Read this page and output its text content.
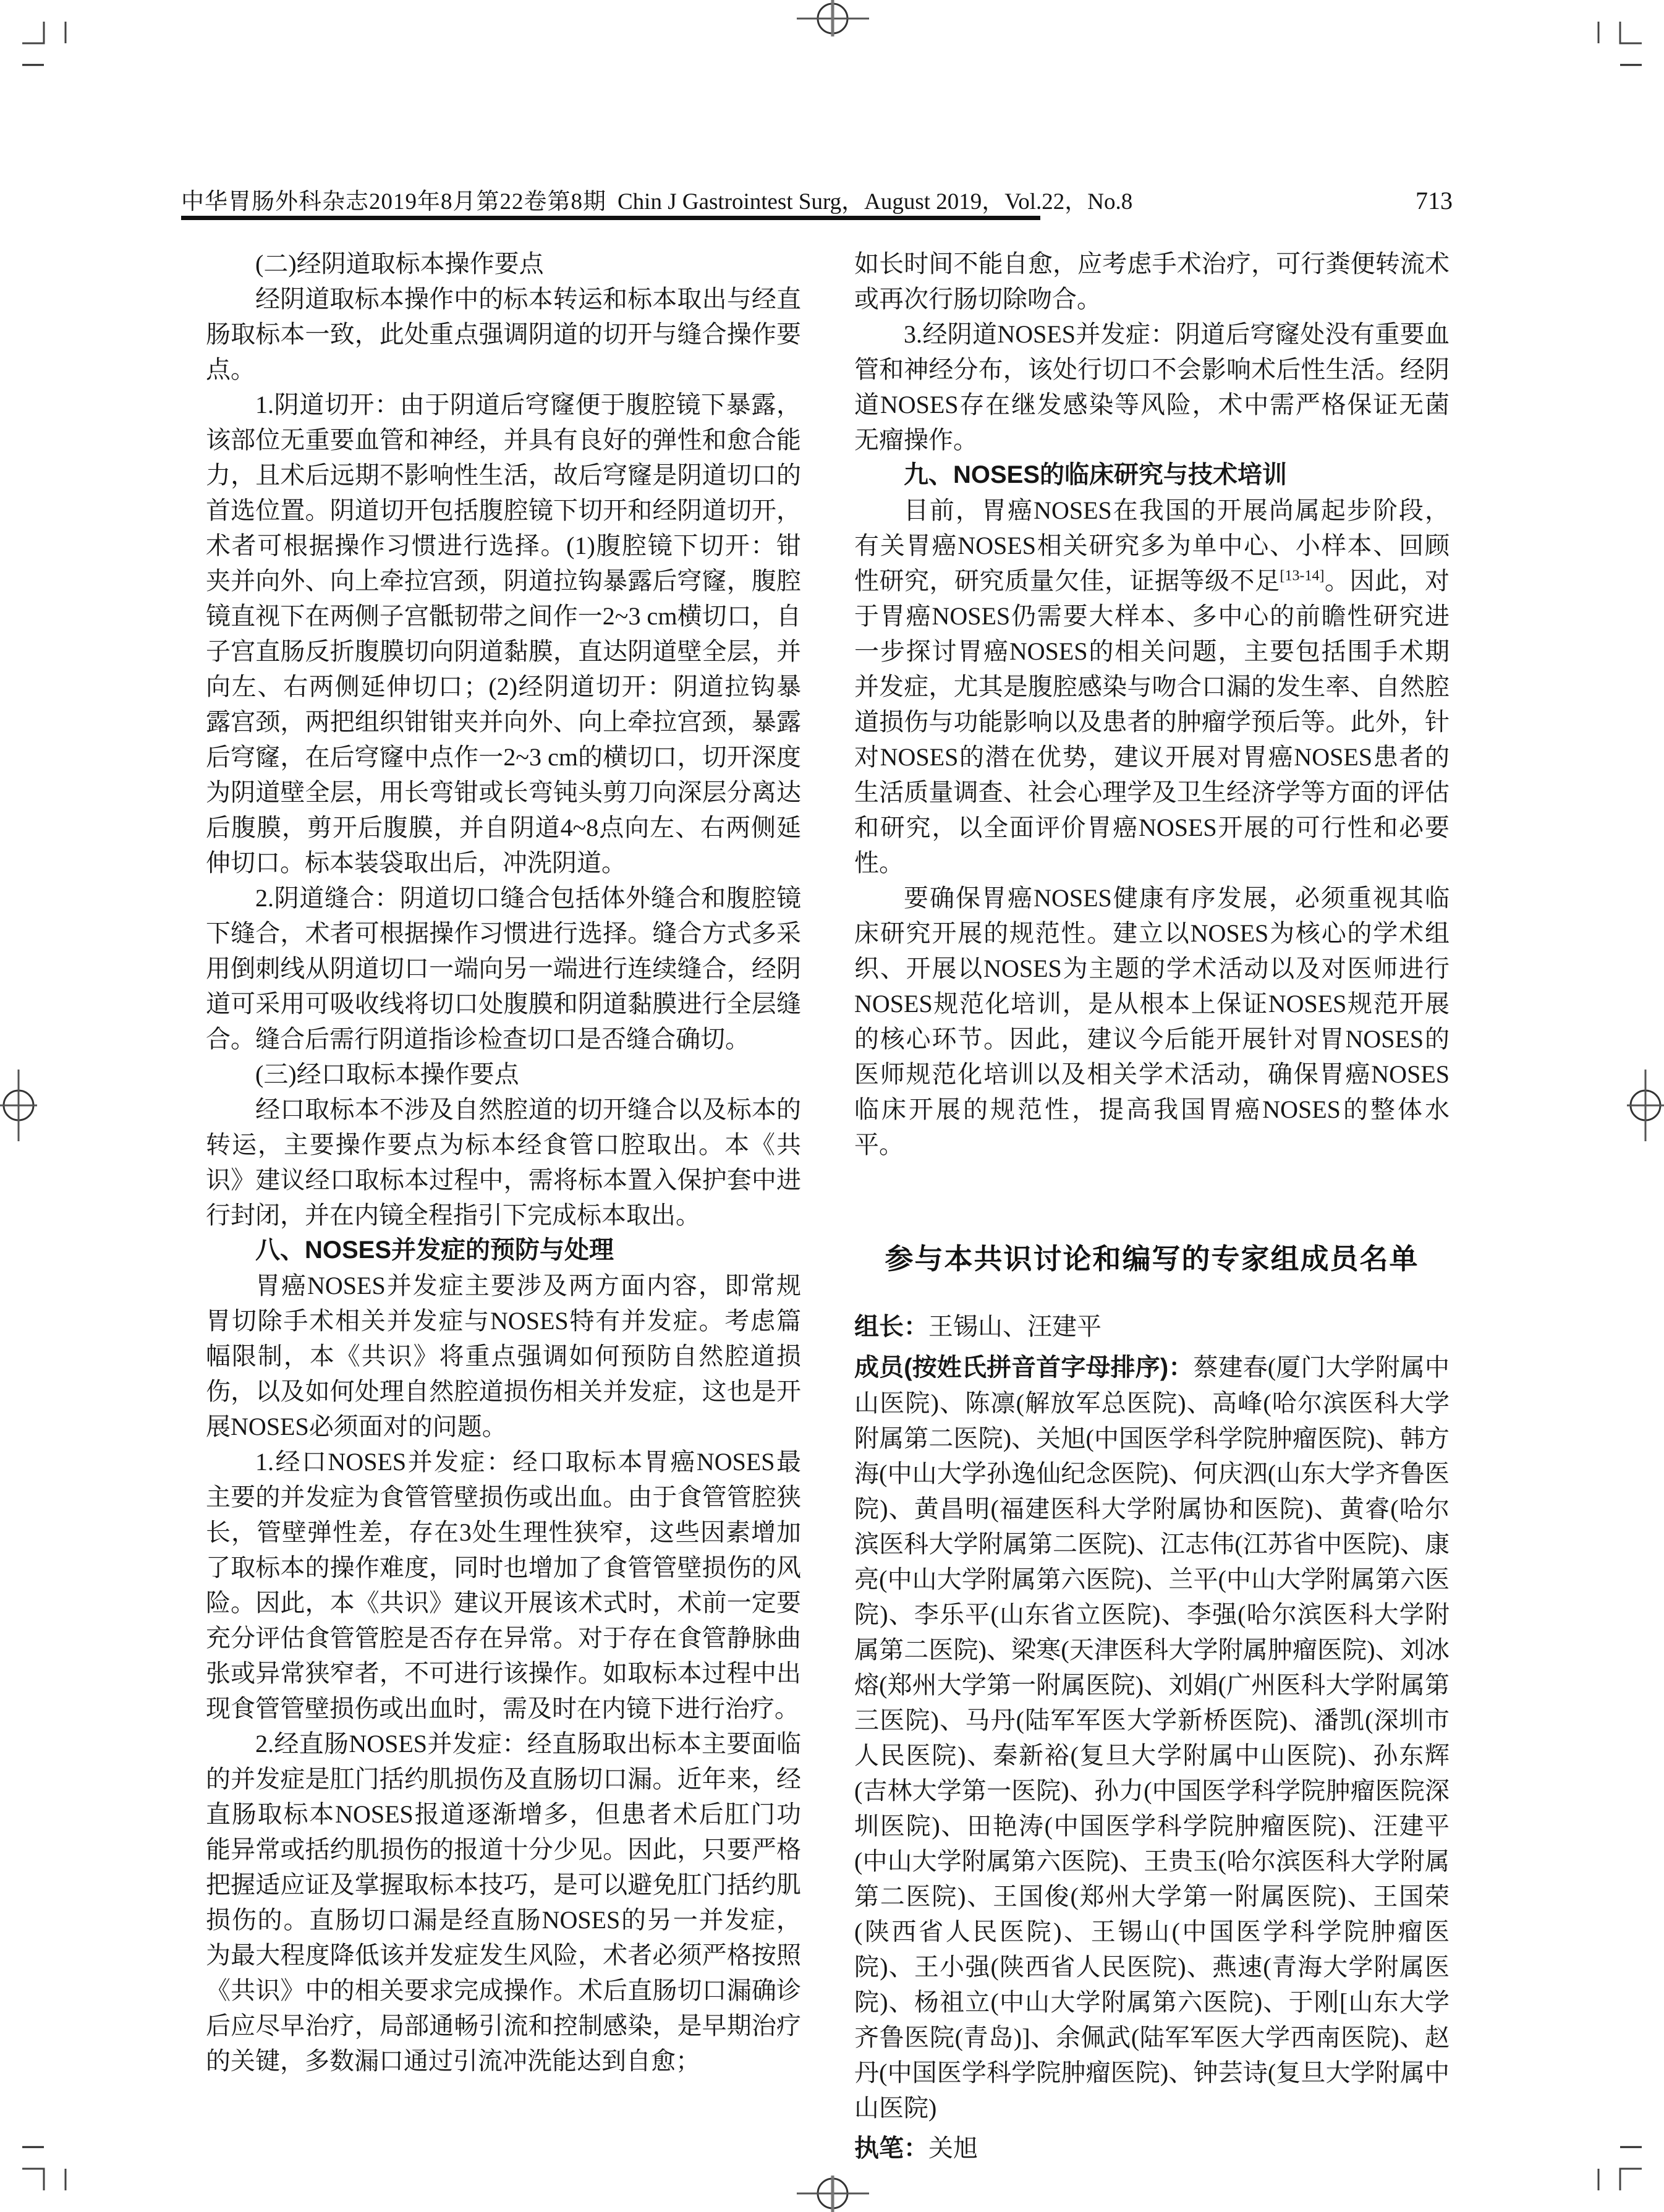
中华胃肠外科杂志2019年8月第22卷第8期 Chin J Gastrointest Surg，August 2019，Vol.22，No.8	713

(二)经阴道取标本操作要点

经阴道取标本操作中的标本转运和标本取出与经直肠取标本一致，此处重点强调阴道的切开与缝合操作要点。

1.阴道切开：由于阴道后穹窿便于腹腔镜下暴露，该部位无重要血管和神经，并具有良好的弹性和愈合能力，且术后远期不影响性生活，故后穹窿是阴道切口的首选位置。阴道切开包括腹腔镜下切开和经阴道切开，术者可根据操作习惯进行选择。(1)腹腔镜下切开：钳夹并向外、向上牵拉宫颈，阴道拉钩暴露后穹窿，腹腔镜直视下在两侧子宫骶韧带之间作一2~3 cm横切口，自子宫直肠反折腹膜切向阴道黏膜，直达阴道壁全层，并向左、右两侧延伸切口；(2)经阴道切开：阴道拉钩暴露宫颈，两把组织钳钳夹并向外、向上牵拉宫颈，暴露后穹窿，在后穹窿中点作一2~3 cm的横切口，切开深度为阴道壁全层，用长弯钳或长弯钝头剪刀向深层分离达后腹膜，剪开后腹膜，并自阴道4~8点向左、右两侧延伸切口。标本装袋取出后，冲洗阴道。

2.阴道缝合：阴道切口缝合包括体外缝合和腹腔镜下缝合，术者可根据操作习惯进行选择。缝合方式多采用倒刺线从阴道切口一端向另一端进行连续缝合，经阴道可采用可吸收线将切口处腹膜和阴道黏膜进行全层缝合。缝合后需行阴道指诊检查切口是否缝合确切。

(三)经口取标本操作要点

经口取标本不涉及自然腔道的切开缝合以及标本的转运，主要操作要点为标本经食管口腔取出。本《共识》建议经口取标本过程中，需将标本置入保护套中进行封闭，并在内镜全程指引下完成标本取出。

八、NOSES并发症的预防与处理

胃癌NOSES并发症主要涉及两方面内容，即常规胃切除手术相关并发症与NOSES特有并发症。考虑篇幅限制，本《共识》将重点强调如何预防自然腔道损伤，以及如何处理自然腔道损伤相关并发症，这也是开展NOSES必须面对的问题。

1.经口NOSES并发症：经口取标本胃癌NOSES最主要的并发症为食管管壁损伤或出血。由于食管管腔狭长，管壁弹性差，存在3处生理性狭窄，这些因素增加了取标本的操作难度，同时也增加了食管管壁损伤的风险。因此，本《共识》建议开展该术式时，术前一定要充分评估食管管腔是否存在异常。对于存在食管静脉曲张或异常狭窄者，不可进行该操作。如取标本过程中出现食管管壁损伤或出血时，需及时在内镜下进行治疗。

2.经直肠NOSES并发症：经直肠取出标本主要面临的并发症是肛门括约肌损伤及直肠切口漏。近年来，经直肠取标本NOSES报道逐渐增多，但患者术后肛门功能异常或括约肌损伤的报道十分少见。因此，只要严格把握适应证及掌握取标本技巧，是可以避免肛门括约肌损伤的。直肠切口漏是经直肠NOSES的另一并发症，为最大程度降低该并发症发生风险，术者必须严格按照《共识》中的相关要求完成操作。术后直肠切口漏确诊后应尽早治疗，局部通畅引流和控制感染，是早期治疗的关键，多数漏口通过引流冲洗能达到自愈；

如长时间不能自愈，应考虑手术治疗，可行粪便转流术或再次行肠切除吻合。

3.经阴道NOSES并发症：阴道后穹窿处没有重要血管和神经分布，该处行切口不会影响术后性生活。经阴道NOSES存在继发感染等风险，术中需严格保证无菌无瘤操作。

九、NOSES的临床研究与技术培训

目前，胃癌NOSES在我国的开展尚属起步阶段，有关胃癌NOSES相关研究多为单中心、小样本、回顾性研究，研究质量欠佳，证据等级不足[13-14]。因此，对于胃癌NOSES仍需要大样本、多中心的前瞻性研究进一步探讨胃癌NOSES的相关问题，主要包括围手术期并发症，尤其是腹腔感染与吻合口漏的发生率、自然腔道损伤与功能影响以及患者的肿瘤学预后等。此外，针对NOSES的潜在优势，建议开展对胃癌NOSES患者的生活质量调查、社会心理学及卫生经济学等方面的评估和研究，以全面评价胃癌NOSES开展的可行性和必要性。

要确保胃癌NOSES健康有序发展，必须重视其临床研究开展的规范性。建立以NOSES为核心的学术组织、开展以NOSES为主题的学术活动以及对医师进行NOSES规范化培训，是从根本上保证NOSES规范开展的核心环节。因此，建议今后能开展针对胃NOSES的医师规范化培训以及相关学术活动，确保胃癌NOSES临床开展的规范性，提高我国胃癌NOSES的整体水平。

参与本共识讨论和编写的专家组成员名单

组长：王锡山、汪建平

成员(按姓氏拼音首字母排序)：蔡建春(厦门大学附属中山医院)、陈凛(解放军总医院)、高峰(哈尔滨医科大学附属第二医院)、关旭(中国医学科学院肿瘤医院)、韩方海(中山大学孙逸仙纪念医院)、何庆泗(山东大学齐鲁医院)、黄昌明(福建医科大学附属协和医院)、黄睿(哈尔滨医科大学附属第二医院)、江志伟(江苏省中医院)、康亮(中山大学附属第六医院)、兰平(中山大学附属第六医院)、李乐平(山东省立医院)、李强(哈尔滨医科大学附属第二医院)、梁寒(天津医科大学附属肿瘤医院)、刘冰熔(郑州大学第一附属医院)、刘娟(广州医科大学附属第三医院)、马丹(陆军军医大学新桥医院)、潘凯(深圳市人民医院)、秦新裕(复旦大学附属中山医院)、孙东辉(吉林大学第一医院)、孙力(中国医学科学院肿瘤医院深圳医院)、田艳涛(中国医学科学院肿瘤医院)、汪建平(中山大学附属第六医院)、王贵玉(哈尔滨医科大学附属第二医院)、王国俊(郑州大学第一附属医院)、王国荣(陕西省人民医院)、王锡山(中国医学科学院肿瘤医院)、王小强(陕西省人民医院)、燕速(青海大学附属医院)、杨祖立(中山大学附属第六医院)、于刚[山东大学齐鲁医院(青岛)]、余佩武(陆军军医大学西南医院)、赵丹(中国医学科学院肿瘤医院)、钟芸诗(复旦大学附属中山医院)

执笔：关旭
